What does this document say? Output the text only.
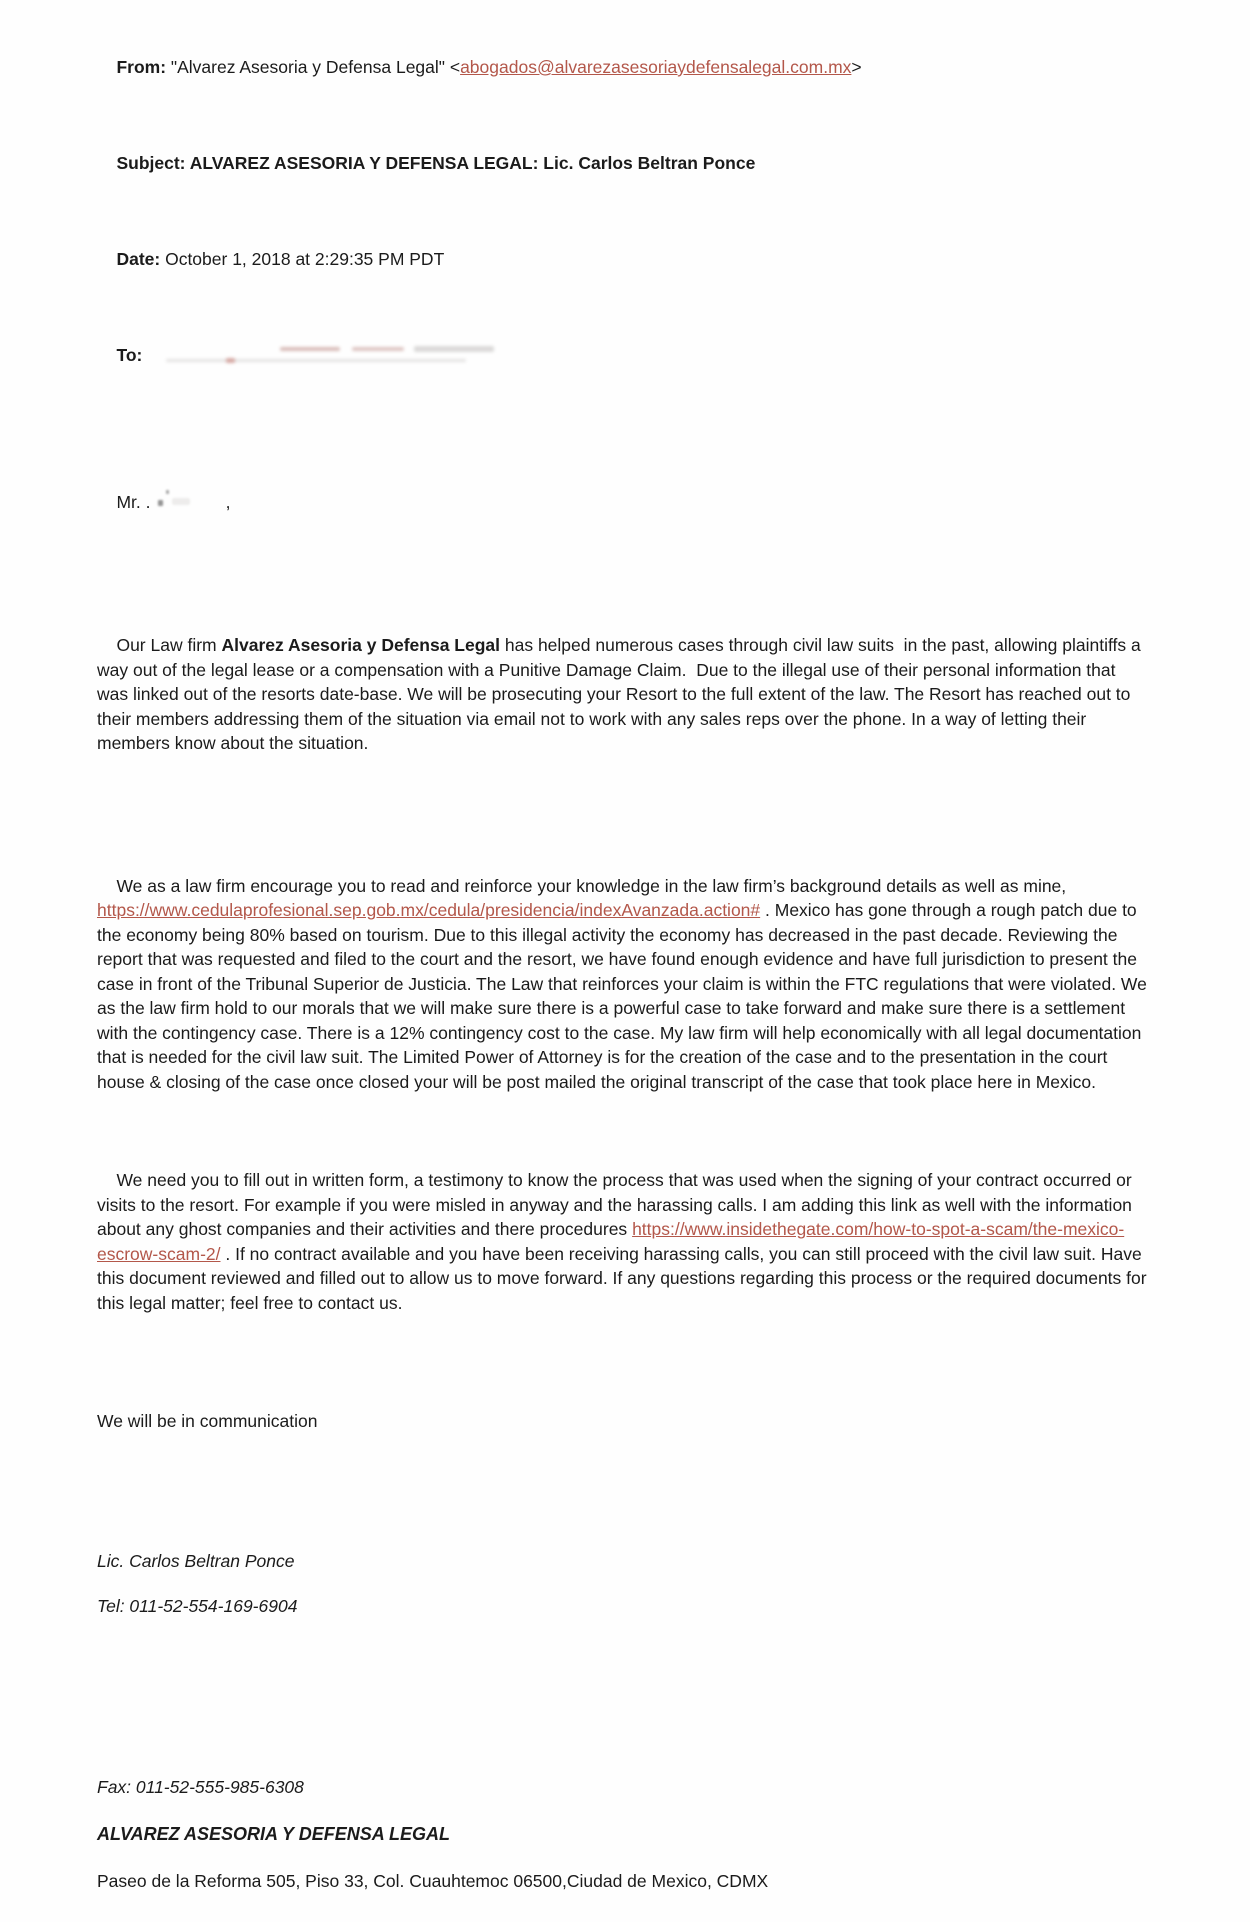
From: "Alvarez Asesoria y Defensa Legal" <abogados@alvarezasesoriaydefensalegal.com.mx>

Subject: ALVAREZ ASESORIA Y DEFENSA LEGAL: Lic. Carlos Beltran Ponce

Date: October 1, 2018 at 2:29:35 PM PDT

To:

Mr. .	,

Our Law firm Alvarez Asesoria y Defensa Legal has helped numerous cases through civil law suits  in the past, allowing plaintiffs a way out of the legal lease or a compensation with a Punitive Damage Claim.  Due to the illegal use of their personal information that was linked out of the resorts date-base. We will be prosecuting your Resort to the full extent of the law. The Resort has reached out to their members addressing them of the situation via email not to work with any sales reps over the phone. In a way of letting their members know about the situation.

We as a law firm encourage you to read and reinforce your knowledge in the law firm’s background details as well as mine, https://www.cedulaprofesional.sep.gob.mx/cedula/presidencia/indexAvanzada.action# . Mexico has gone through a rough patch due to the economy being 80% based on tourism. Due to this illegal activity the economy has decreased in the past decade. Reviewing the report that was requested and filed to the court and the resort, we have found enough evidence and have full jurisdiction to present the case in front of the Tribunal Superior de Justicia. The Law that reinforces your claim is within the FTC regulations that were violated. We as the law firm hold to our morals that we will make sure there is a powerful case to take forward and make sure there is a settlement with the contingency case. There is a 12% contingency cost to the case. My law firm will help economically with all legal documentation that is needed for the civil law suit. The Limited Power of Attorney is for the creation of the case and to the presentation in the court house & closing of the case once closed your will be post mailed the original transcript of the case that took place here in Mexico.

We need you to fill out in written form, a testimony to know the process that was used when the signing of your contract occurred or visits to the resort. For example if you were misled in anyway and the harassing calls. I am adding this link as well with the information about any ghost companies and their activities and there procedures https://www.insidethegate.com/how-to-spot-a-scam/the-mexico-escrow-scam-2/ . If no contract available and you have been receiving harassing calls, you can still proceed with the civil law suit. Have this document reviewed and filled out to allow us to move forward. If any questions regarding this process or the required documents for this legal matter; feel free to contact us.

We will be in communication
Lic. Carlos Beltran Ponce
Tel: 011-52-554-169-6904
Fax: 011-52-555-985-6308
ALVAREZ ASESORIA Y DEFENSA LEGAL
Paseo de la Reforma 505, Piso 33, Col. Cuauhtemoc 06500,Ciudad de Mexico, CDMX
